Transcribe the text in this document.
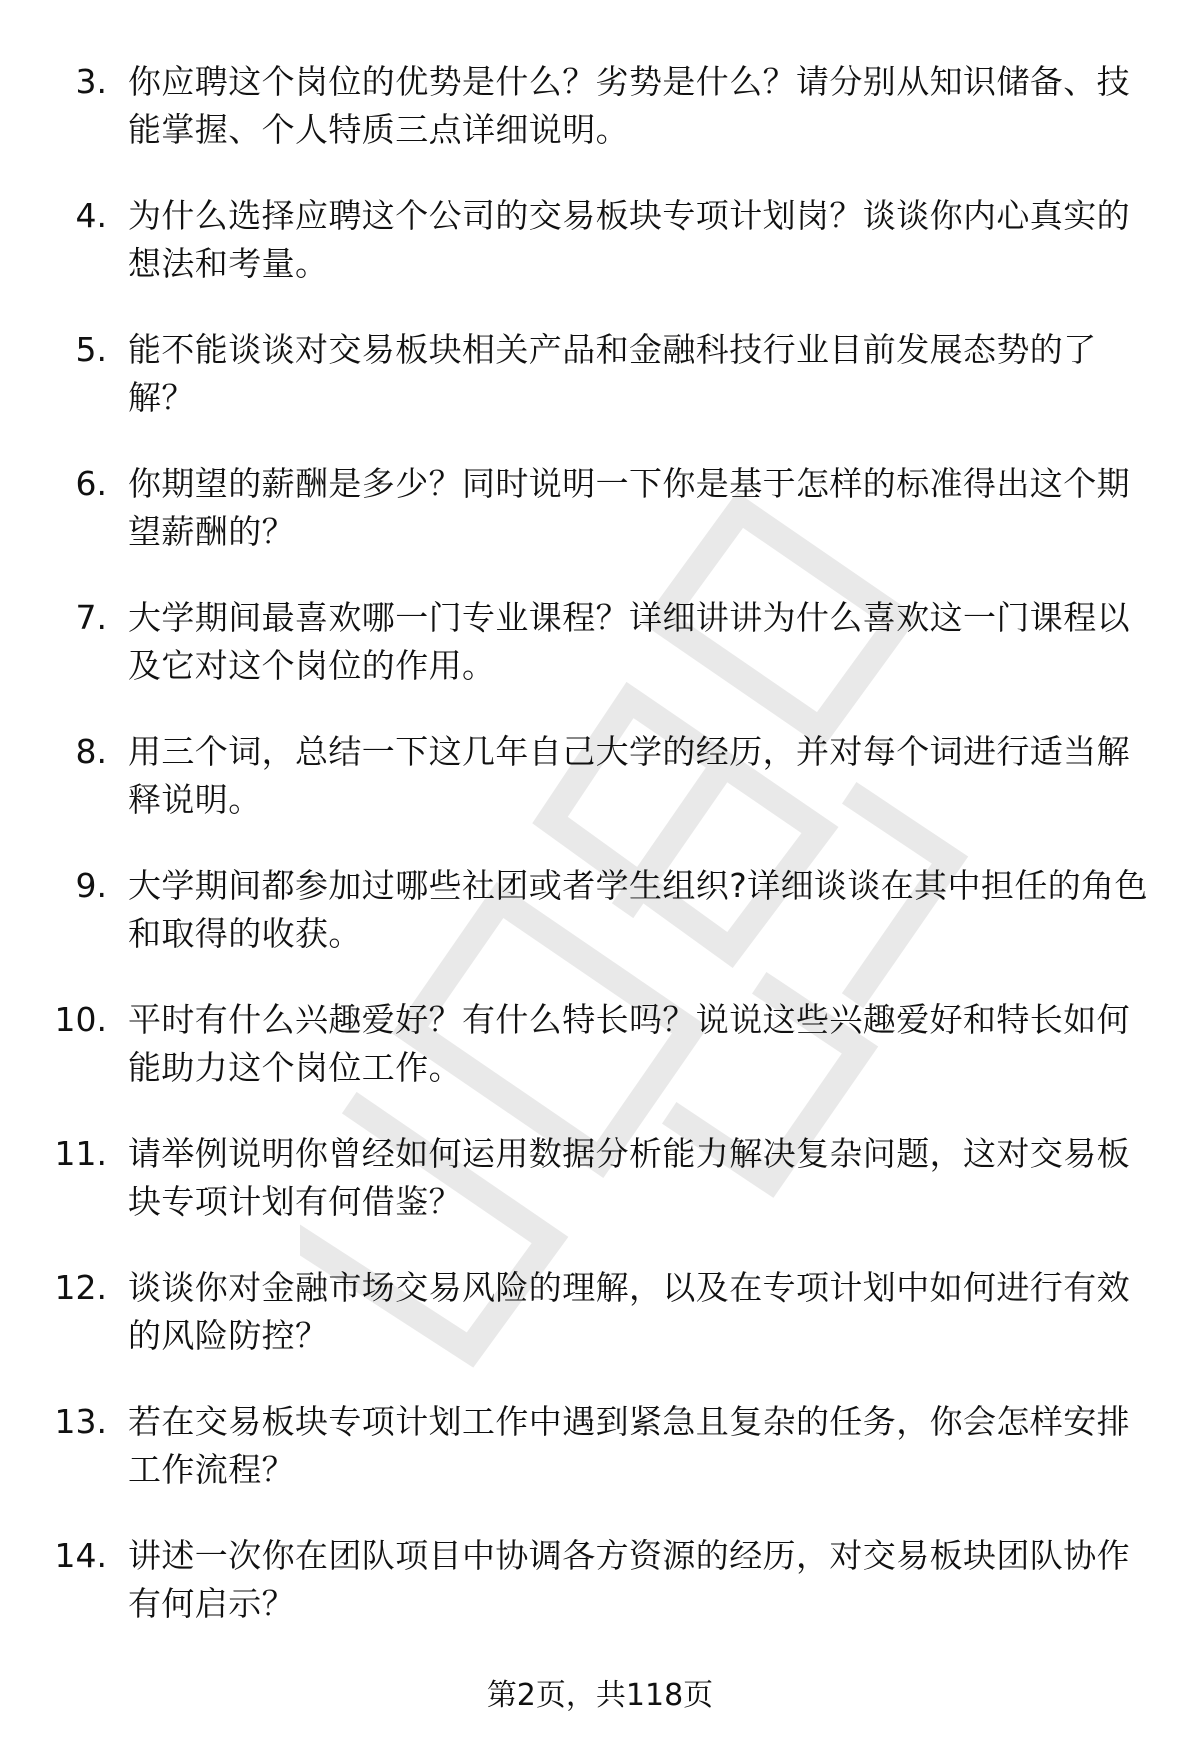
3. 你应聘这个岗位的优势是什么？劣势是什么？请分别从知识储备、技能掌握、个人特质三点详细说明。
4. 为什么选择应聘这个公司的交易板块专项计划岗？谈谈你内心真实的想法和考量。
5. 能不能谈谈对交易板块相关产品和金融科技行业目前发展态势的了解？
6. 你期望的薪酬是多少？同时说明一下你是基于怎样的标准得出这个期望薪酬的？
7. 大学期间最喜欢哪一门专业课程？详细讲讲为什么喜欢这一门课程以及它对这个岗位的作用。
8. 用三个词，总结一下这几年自己大学的经历，并对每个词进行适当解释说明。
9. 大学期间都参加过哪些社团或者学生组织?详细谈谈在其中担任的角色和取得的收获。
10. 平时有什么兴趣爱好？有什么特长吗？说说这些兴趣爱好和特长如何能助力这个岗位工作。
11. 请举例说明你曾经如何运用数据分析能力解决复杂问题，这对交易板块专项计划有何借鉴？
12. 谈谈你对金融市场交易风险的理解，以及在专项计划中如何进行有效的风险防控？
13. 若在交易板块专项计划工作中遇到紧急且复杂的任务，你会怎样安排工作流程？
14. 讲述一次你在团队项目中协调各方资源的经历，对交易板块团队协作有何启示？
第2页，共118页
